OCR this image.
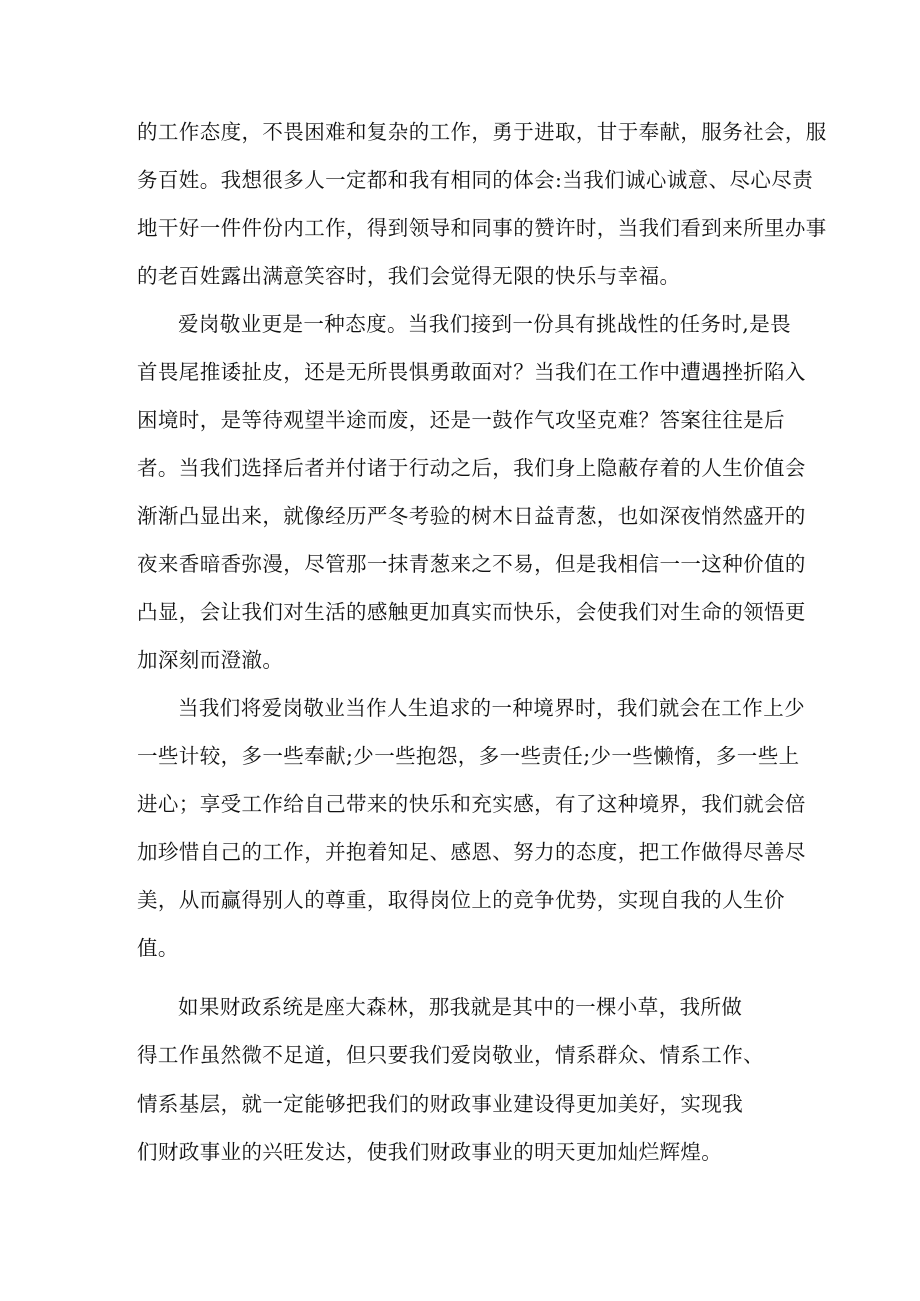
的工作态度，不畏困难和复杂的工作，勇于进取，甘于奉献，服务社会，服
务百姓。我想很多人一定都和我有相同的体会:当我们诚心诚意、尽心尽责
地干好一件件份内工作，得到领导和同事的赞许时，当我们看到来所里办事
的老百姓露出满意笑容时，我们会觉得无限的快乐与幸福。
爱岗敬业更是一种态度。当我们接到一份具有挑战性的任务时,是畏
首畏尾推诿扯皮，还是无所畏惧勇敢面对？当我们在工作中遭遇挫折陷入
困境时，是等待观望半途而废，还是一鼓作气攻坚克难？答案往往是后
者。当我们选择后者并付诸于行动之后，我们身上隐蔽存着的人生价值会
渐渐凸显出来，就像经历严冬考验的树木日益青葱，也如深夜悄然盛开的
夜来香暗香弥漫，尽管那一抹青葱来之不易，但是我相信一一这种价值的
凸显，会让我们对生活的感触更加真实而快乐，会使我们对生命的领悟更
加深刻而澄澈。
当我们将爱岗敬业当作人生追求的一种境界时，我们就会在工作上少
一些计较，多一些奉献;少一些抱怨，多一些责任;少一些懒惰，多一些上
进心；享受工作给自己带来的快乐和充实感，有了这种境界，我们就会倍
加珍惜自己的工作，并抱着知足、感恩、努力的态度，把工作做得尽善尽
美，从而赢得别人的尊重，取得岗位上的竞争优势，实现自我的人生价
值。
如果财政系统是座大森林，那我就是其中的一棵小草，我所做
得工作虽然微不足道，但只要我们爱岗敬业，情系群众、情系工作、
情系基层，就一定能够把我们的财政事业建设得更加美好，实现我
们财政事业的兴旺发达，使我们财政事业的明天更加灿烂辉煌。
